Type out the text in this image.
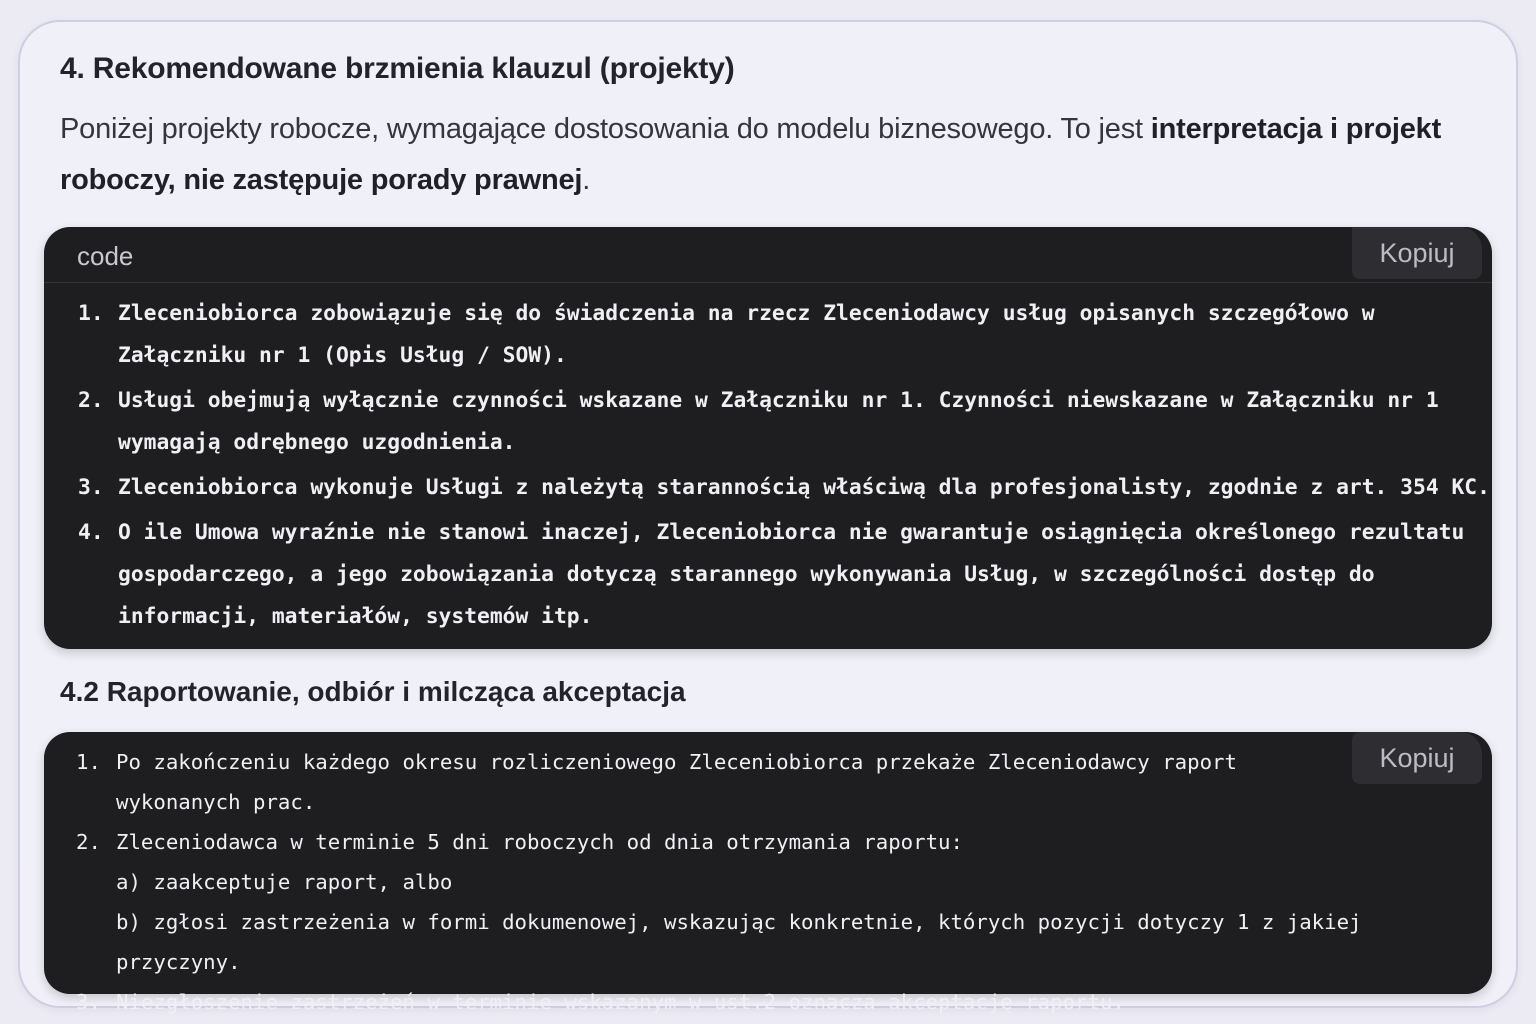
4. Rekomendowane brzmienia klauzul (projekty)

Poniżej projekty robocze, wymagające dostosowania do modelu biznesowego. To jest interpretacja i projekt roboczy, nie zastępuje porady prawnej.

code	Kopiuj
1. Zleceniobiorca zobowiązuje się do świadczenia na rzecz Zleceniodawcy usług opisanych szczegółowo w Załączniku nr 1 (Opis Usług / SOW).
2. Usługi obejmują wyłącznie czynności wskazane w Załączniku nr 1. Czynności niewskazane w Załączniku nr 1 wymagają odrębnego uzgodnienia.
3. Zleceniobiorca wykonuje Usługi z należytą starannością właściwą dla profesjonalisty, zgodnie z art. 354 KC.
4. O ile Umowa wyraźnie nie stanowi inaczej, Zleceniobiorca nie gwarantuje osiągnięcia określonego rezultatu gospodarczego, a jego zobowiązania dotyczą starannego wykonywania Usług, w szczególności dostęp do informacji, materiałów, systemów itp.
4.2 Raportowanie, odbiór i milcząca akceptacja
Kopiuj
1. Po zakończeniu każdego okresu rozliczeniowego Zleceniobiorca przekaże Zleceniodawcy raport wykonanych prac.
2. Zleceniodawca w terminie 5 dni roboczych od dnia otrzymania raportu:
a) zaakceptuje raport, albo
b) zgłosi zastrzeżenia w formi dokumenowej, wskazując konkretnie, których pozycji dotyczy 1 z jakiej przyczyny.
3. Niezgłoszenie zastrzeżeń w terminie wskazanym w ust.2 oznacza akceptację raportu.
